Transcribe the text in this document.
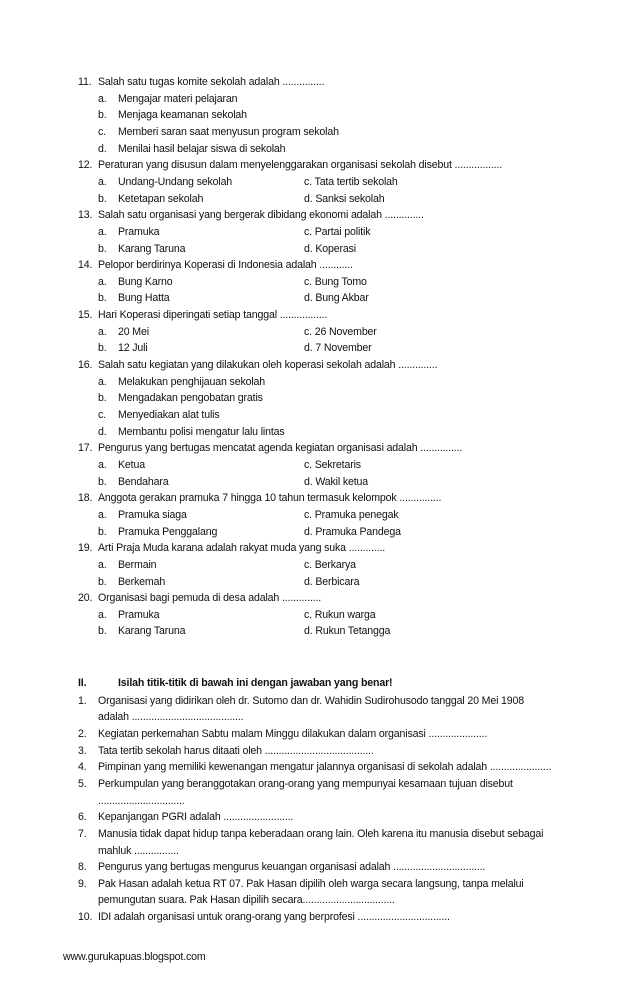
11. Salah satu tugas komite sekolah adalah ...............
a. Mengajar materi pelajaran
b. Menjaga keamanan sekolah
c. Memberi saran saat menyusun program sekolah
d. Menilai hasil belajar siswa di sekolah
12. Peraturan yang disusun dalam menyelenggarakan organisasi sekolah disebut .................
a. Undang-Undang sekolah	c. Tata tertib sekolah
b. Ketetapan sekolah	d. Sanksi sekolah
13. Salah satu organisasi yang bergerak dibidang ekonomi adalah ..............
a. Pramuka	c. Partai politik
b. Karang Taruna	d. Koperasi
14. Pelopor berdirinya Koperasi di Indonesia adalah ............
a. Bung Karno	c. Bung Tomo
b. Bung Hatta	d. Bung Akbar
15. Hari Koperasi diperingati setiap tanggal .................
a. 20 Mei	c. 26 November
b. 12 Juli	d. 7 November
16. Salah satu kegiatan yang dilakukan oleh koperasi sekolah adalah ..............
a. Melakukan penghijauan sekolah
b. Mengadakan pengobatan gratis
c. Menyediakan alat tulis
d. Membantu polisi mengatur lalu lintas
17. Pengurus yang bertugas mencatat agenda kegiatan organisasi adalah ...............
a. Ketua	c. Sekretaris
b. Bendahara	d. Wakil ketua
18. Anggota gerakan pramuka 7 hingga 10 tahun termasuk kelompok ...............
a. Pramuka siaga	c. Pramuka penegak
b. Pramuka Penggalang	d. Pramuka Pandega
19. Arti Praja Muda karana adalah rakyat muda yang suka .............
a. Bermain	c. Berkarya
b. Berkemah	d. Berbicara
20. Organisasi bagi pemuda di desa adalah ..............
a. Pramuka	c. Rukun warga
b. Karang Taruna	d. Rukun Tetangga
II.	Isilah titik-titik di bawah ini dengan jawaban yang benar!
1. Organisasi yang didirikan oleh dr. Sutomo dan dr. Wahidin Sudirohusodo tanggal 20 Mei 1908
adalah ........................................
2. Kegiatan perkemahan Sabtu malam Minggu dilakukan dalam organisasi .....................
3. Tata tertib sekolah harus ditaati oleh .......................................
4. Pimpinan yang memiliki kewenangan mengatur jalannya organisasi di sekolah adalah ......................
5. Perkumpulan yang beranggotakan orang-orang yang mempunyai kesamaan tujuan disebut
...............................
6. Kepanjangan PGRI adalah .........................
7. Manusia tidak dapat hidup tanpa keberadaan orang lain. Oleh karena itu manusia disebut sebagai
mahluk ................
8. Pengurus yang bertugas mengurus keuangan organisasi adalah .................................
9. Pak Hasan adalah ketua RT 07. Pak Hasan dipilih oleh warga secara langsung, tanpa melalui
pemungutan suara. Pak Hasan dipilih secara.................................
10. IDI adalah organisasi untuk orang-orang yang berprofesi .................................
www.gurukapuas.blogspot.com
